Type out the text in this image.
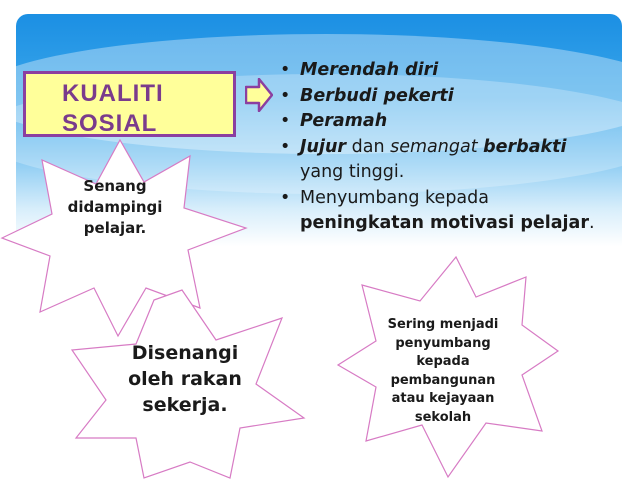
KUALITI
SOSIAL
• Merendah diri
• Berbudi pekerti
• Peramah
• Jujur dan semangat berbakti
yang tinggi.
• Menyumbang kepada
peningkatan motivasi pelajar.
Senang
didampingi
pelajar.
Disenangi
oleh rakan
sekerja.
Sering menjadi
penyumbang
kepada
pembangunan
atau kejayaan
sekolah
